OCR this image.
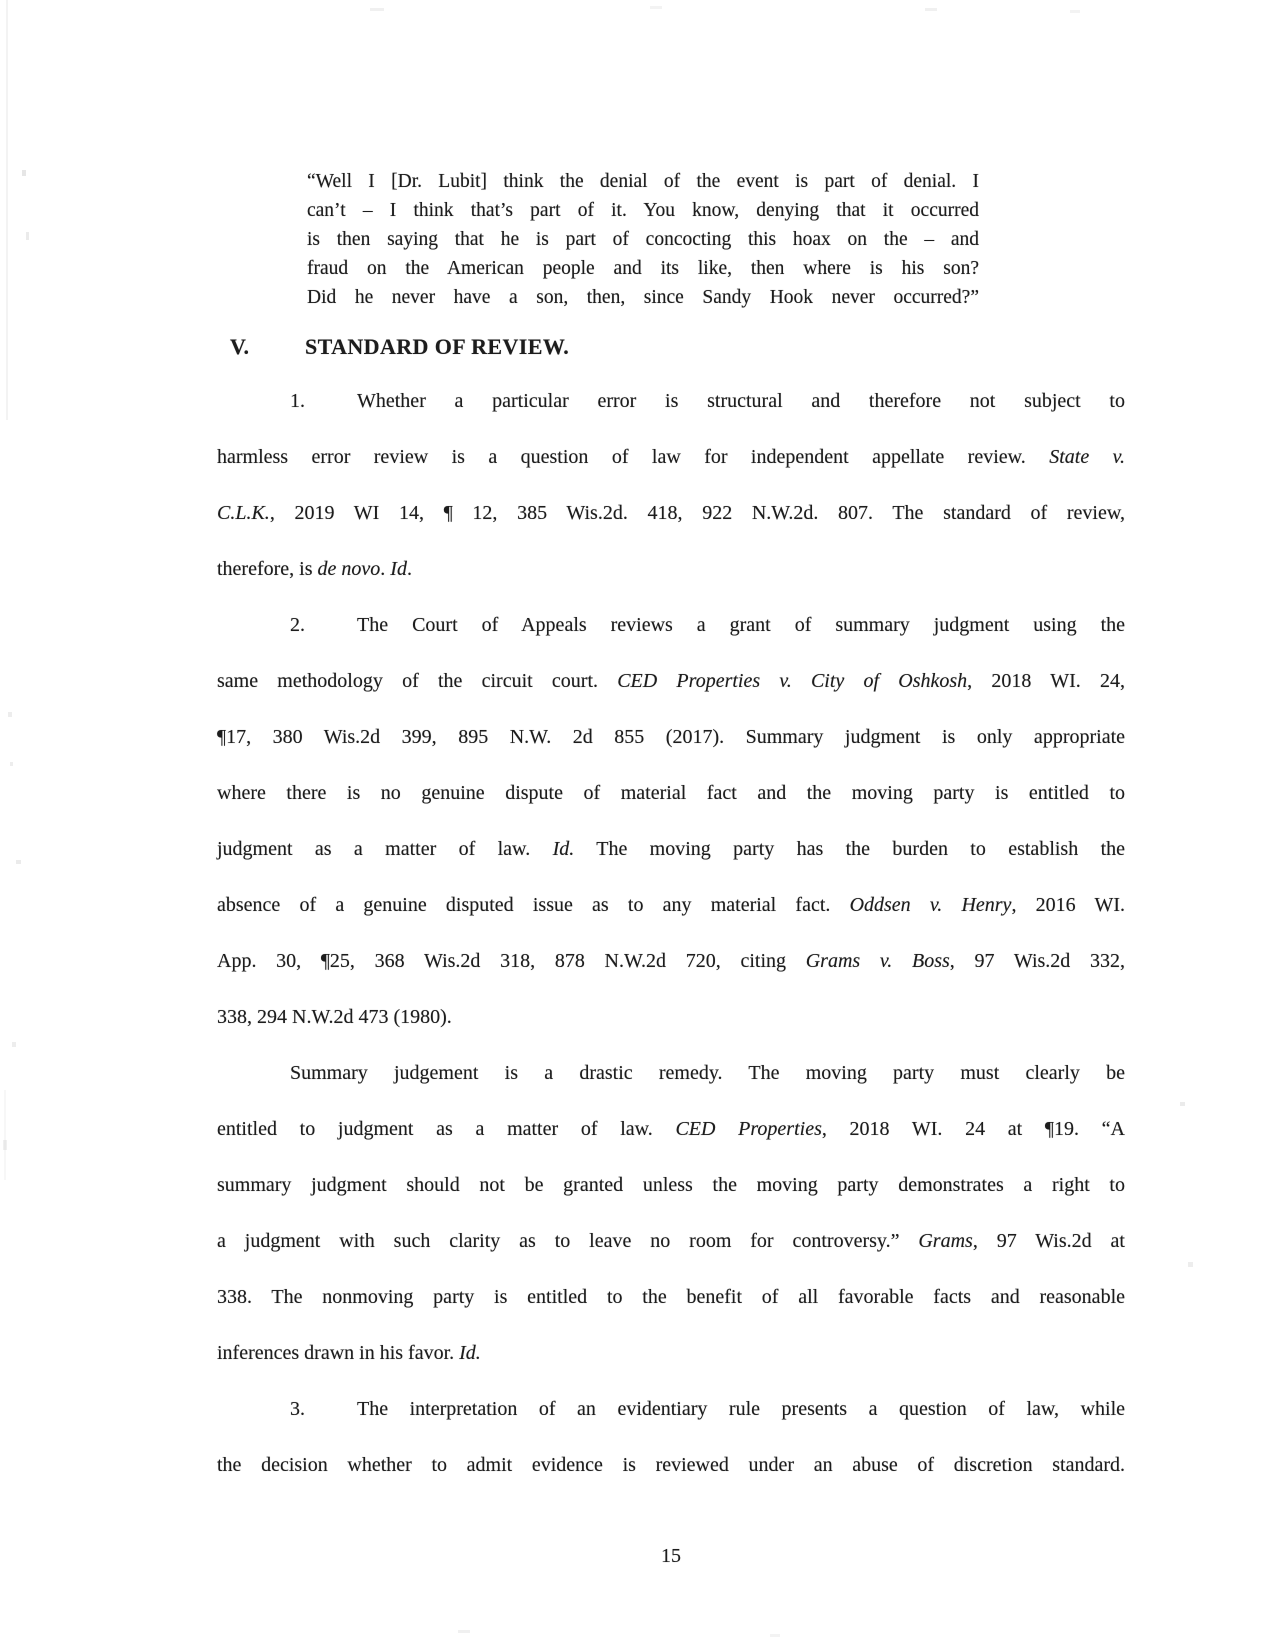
“Well I [Dr. Lubit] think the denial of the event is part of denial. I
can’t – I think that’s part of it. You know, denying that it occurred
is then saying that he is part of concocting this hoax on the – and
fraud on the American people and its like, then where is his son?
Did he never have a son, then, since Sandy Hook never occurred?”
V.	STANDARD OF REVIEW.
1.	Whether a particular error is structural and therefore not subject to
harmless error review is a question of law for independent appellate review. State v.
C.L.K., 2019 WI 14, ¶ 12, 385 Wis.2d. 418, 922 N.W.2d. 807. The standard of review,
therefore, is de novo. Id.
2.	The Court of Appeals reviews a grant of summary judgment using the
same methodology of the circuit court. CED Properties v. City of Oshkosh, 2018 WI. 24,
¶17, 380 Wis.2d 399, 895 N.W. 2d 855 (2017). Summary judgment is only appropriate
where there is no genuine dispute of material fact and the moving party is entitled to
judgment as a matter of law. Id. The moving party has the burden to establish the
absence of a genuine disputed issue as to any material fact. Oddsen v. Henry, 2016 WI.
App. 30, ¶25, 368 Wis.2d 318, 878 N.W.2d 720, citing Grams v. Boss, 97 Wis.2d 332,
338, 294 N.W.2d 473 (1980).
Summary judgement is a drastic remedy. The moving party must clearly be
entitled to judgment as a matter of law. CED Properties, 2018 WI. 24 at ¶19. “A
summary judgment should not be granted unless the moving party demonstrates a right to
a judgment with such clarity as to leave no room for controversy.” Grams, 97 Wis.2d at
338. The nonmoving party is entitled to the benefit of all favorable facts and reasonable
inferences drawn in his favor. Id.
3.	The interpretation of an evidentiary rule presents a question of law, while
the decision whether to admit evidence is reviewed under an abuse of discretion standard.
15
